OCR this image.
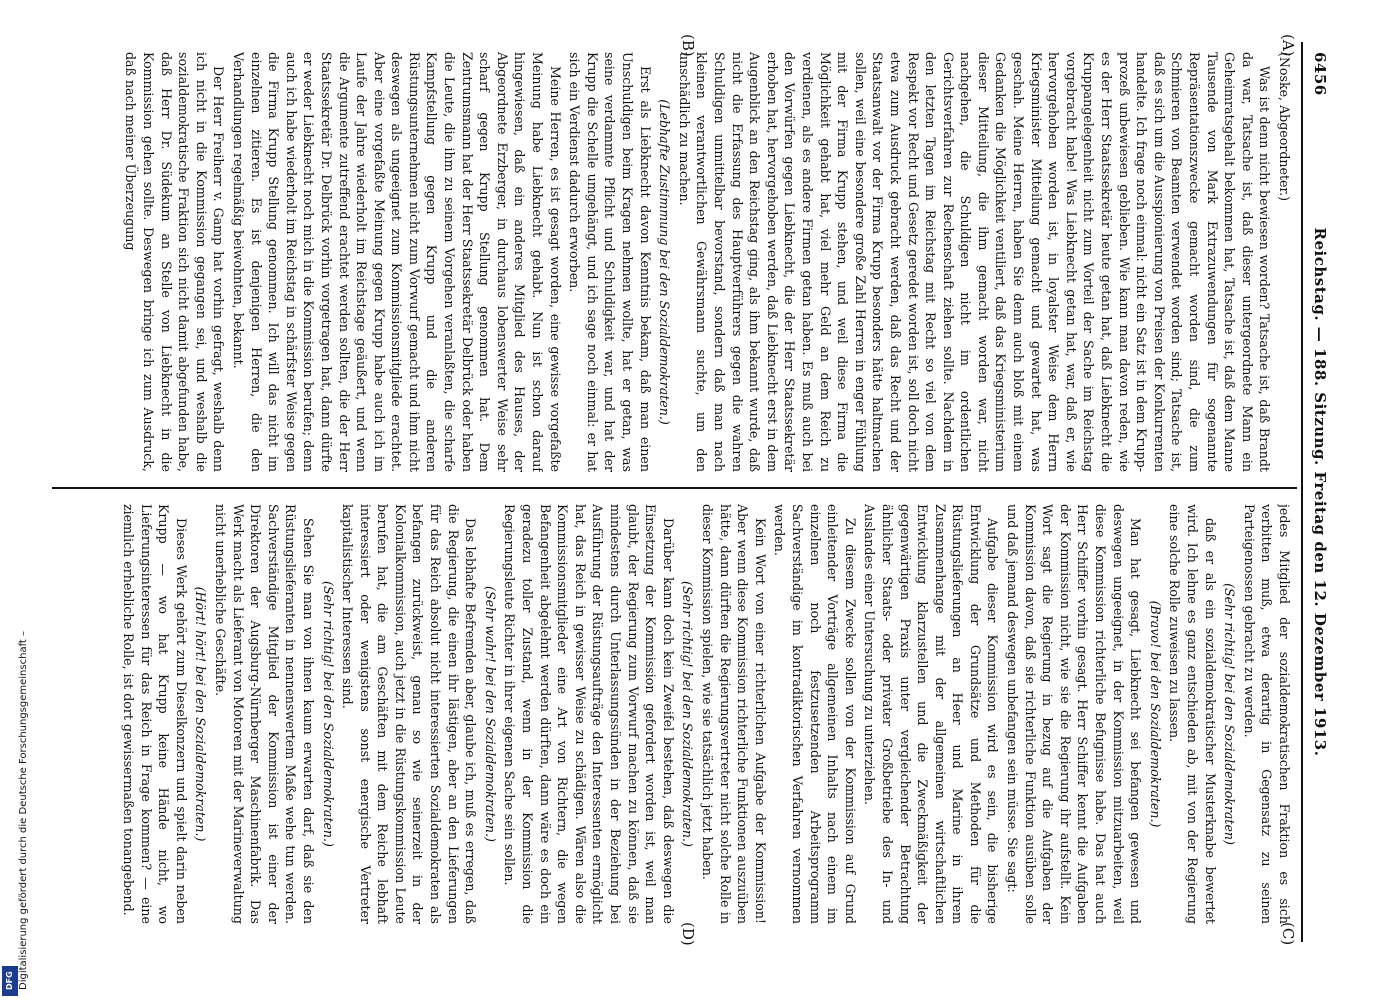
Digitalisierung gefördert durch die Deutsche Forschungsgemeinschaft –
DFG
6456
Reichstag. — 188. Sitzung. Freitag den 12. Dezember 1913.
(A)
(B)
(C)
(D)

(Noske, Abgeordneter.)

Was ist denn nicht bewiesen worden? Tatsache ist, daß Brandt da war, Tatsache ist, daß dieser untergeordnete Mann ein Geheimratsgehalt bekommen hat, Tatsache ist, daß dem Manne Tausende von Mark Extrazuwendungen für sogenannte Repräsentationszwecke gemacht worden sind, die zum Schmieren von Beamten verwendet worden sind; Tatsache ist, daß es sich um die Ausspionierung von Preisen der Konkurrenten handelte. Ich frage noch einmal: nicht ein Satz ist in dem Krupp-prozeß unbewiesen geblieben. Wie kann man davon reden, wie es der Herr Staatssekretär heute getan hat, daß Liebknecht die Kruppangelegenheit nicht zum Vorteil der Sache im Reichstag vorgebracht habe! Was Liebknecht getan hat, war, daß er, wie hervorgehoben worden ist, in loyalster Weise dem Herrn Kriegsminister Mitteilung gemacht und gewartet hat, was geschah. Meine Herren, haben Sie denn auch bloß mit einem Gedanken die Möglichkeit ventiliert, daß das Kriegsministerium dieser Mitteilung, die ihm gemacht worden war, nicht nachgehen, die Schuldigen nicht im ordentlichen Gerichtsverfahren zur Rechenschaft ziehen sollte. Nachdem in den letzten Tagen im Reichstag mit Recht so viel von dem Respekt vor Recht und Gesetz geredet worden ist, soll doch nicht etwa zum Ausdruck gebracht werden, daß das Recht und der Staatsanwalt vor der Firma Krupp besonders hätte haltmachen sollen, weil eine besondere große Zahl Herren in enger Fühlung mit der Firma Krupp stehen, und weil diese Firma die Möglichkeit gehabt hat, viel mehr Geld an dem Reich zu verdienen, als es andere Firmen getan haben. Es muß auch bei den Vorwürfen gegen Liebknecht, die der Herr Staatssekretär erhoben hat, hervorgehoben werden, daß Liebknecht erst in dem Augenblick an den Reichstag ging, als ihm bekannt wurde, daß nicht die Erfassung des Hauptverführers gegen die wahren Schuldigen unmittelbar bevorstand, sondern daß man nach kleinen verantwortlichen Gewährsmann suchte, um den unschädlich zu machen.

(Lebhafte Zustimmung bei den Sozialdemokraten.)

Erst als Liebknecht davon Kenntnis bekam, daß man einen Unschuldigen beim Kragen nehmen wollte, hat er getan, was seine verdammte Pflicht und Schuldigkeit war, und hat der Krupp die Schelle umgehängt, und ich sage noch einmal: er hat sich ein Verdienst dadurch erworben.

Meine Herren, es ist gesagt worden, eine gewisse vorgefaßte Meinung habe Liebknecht gehabt. Nun ist schon darauf hingewiesen, daß ein anderes Mitglied des Hauses, der Abgeordnete Erzberger, in durchaus lobenswerter Weise sehr scharf gegen Krupp Stellung genommen hat. Dem Zentrumsmann hat der Herr Staatssekretär Delbrück oder haben die Leute, die ihm zu seinem Vorgehen veranlaßten, die scharfe Kampfstellung gegen Krupp und die anderen Rüstungsunternehmen nicht zum Vorwurf gemacht und ihm nicht deswegen als ungeeignet zum Kommissionsmitgliede erachtet. Aber eine vorgefaßte Meinung gegen Krupp habe auch ich im Laufe der Jahre wiederholt im Reichstage geäußert, und wenn die Argumente zutreffend erachtet werden sollten, die der Herr Staatssekretär Dr. Delbrück vorhin vorgetragen hat, dann dürfte er weder Liebknecht noch mich in die Kommission berufen; denn auch ich habe wiederholt im Reichstag in schärfster Weise gegen die Firma Krupp Stellung genommen. Ich will das nicht im einzelnen zitieren. Es ist denjenigen Herren, die den Verhandlungen regelmäßig beiwohnten, bekannt.

Der Herr Freiherr v. Gamp hat vorhin gefragt, weshalb denn ich nicht in die Kommission gegangen sei, und weshalb die sozialdemokratische Fraktion sich nicht damit abgefunden habe, daß Herr Dr. Südekum an Stelle von Liebknecht in die Kommission gehen sollte. Deswegen bringe ich zum Ausdruck, daß nach meiner Überzeugung

jedes Mitglied der sozialdemokratischen Fraktion es sich verbitten muß, etwa derartig in Gegensatz zu seinen Parteigenossen gebracht zu werden.

(Sehr richtig! bei den Sozialdemokraten)

daß er als ein sozialdemokratischer Musterknabe bewertet wird. Ich lehne es ganz entschieden ab, mit von der Regierung eine solche Rolle zuweisen zu lassen.

(Bravo! bei den Sozialdemokraten.)

Man hat gesagt, Liebknecht sei befangen gewesen und deswegen ungeeignet, in der Kommission mitzuarbeiten, weil diese Kommission richterliche Befugnisse habe. Das hat auch Herr Schiffer vorhin gesagt. Herr Schiffer kennt die Aufgaben der Kommission nicht, wie sie die Regierung ihr aufstellt. Kein Wort sagt die Regierung in bezug auf die Aufgaben der Kommission davon, daß sie richterliche Funktion ausüben solle und daß jemand deswegen unbefangen sein müsse. Sie sagt:

Aufgabe dieser Kommission wird es sein, die bisherige Entwicklung der Grundsätze und Methoden für die Rüstungslieferungen an Heer und Marine in ihrem Zusammenhange mit der allgemeinen wirtschaftlichen Entwicklung klarzustellen und die Zweckmäßigkeit der gegenwärtigen Praxis unter vergleichender Betrachtung ähnlicher Staats- oder privater Großbetriebe des In- und Auslandes einer Untersuchung zu unterziehen.

Zu diesem Zwecke sollen von der Kommission auf Grund einleitender Vorträge allgemeinen Inhalts nach einem im einzelnen noch festzusetzenden Arbeitsprogramm Sachverständige im kontradiktorischen Verfahren vernommen werden.

Kein Wort von einer richterlichen Aufgabe der Kommission! Aber wenn diese Kommission richterliche Funktionen auszuüben hätte, dann dürften die Regierungsvertreter nicht solche Rolle in dieser Kommission spielen, wie sie tatsächlich jetzt haben.

(Sehr richtig! bei den Sozialdemokraten.)

Darüber kann doch kein Zweifel bestehen, daß deswegen die Einsetzung der Kommission gefordert worden ist, weil man glaubt, der Regierung zum Vorwurf machen zu können, daß sie mindestens durch Unterlassungssünden in der Beziehung bei Ausführung der Rüstungsaufträge den Interessenten ermöglicht hat, das Reich in gewisser Weise zu schädigen. Wären also die Kommissionsmitglieder eine Art von Richtern, die wegen Befangenheit abgelehnt werden dürften, dann wäre es doch ein geradezu toller Zustand, wenn in der Kommission die Regierungsleute Richter in ihrer eigenen Sache sein sollen.

(Sehr wahr! bei den Sozialdemokraten.)

Das lebhafte Befremden aber, glaube ich, muß es erregen, daß die Regierung, die einen ihr lästigen, aber an den Lieferungen für das Reich absolut nicht interessierten Sozialdemokraten als befangen zurückweist, genau so wie seinerzeit in der Kolonialkommission, auch jetzt in die Rüstungskommission Leute berufen hat, die am Geschäften mit dem Reiche lebhaft interessiert oder wenigstens sonst energische Vertreter kapitalistischer Interessen sind.

(Sehr richtig! bei den Sozialdemokraten.)

Sehen Sie man von ihnen kaum erwarten darf, daß sie den Rüstungslieferanten in nennenswertem Maße wehe tun werden. Sachverständige Mitglied der Kommission ist einer der Direktoren der Augsburg-Nürnberger Maschinenfabrik. Das Werk macht als Lieferant von Motoren mit der Marineverwaltung nicht unerhebliche Geschäfte.

(Hört! hört! bei den Sozialdemokraten.)

Dieses Werk gehört zum Dieselkonzern und spielt darin neben Krupp — wo hat Krupp keine Hände nicht, wo Lieferungsinteressen für das Reich in Frage kommen? — eine ziemlich erhebliche Rolle, ist dort gewissermaßen tonangebend.
